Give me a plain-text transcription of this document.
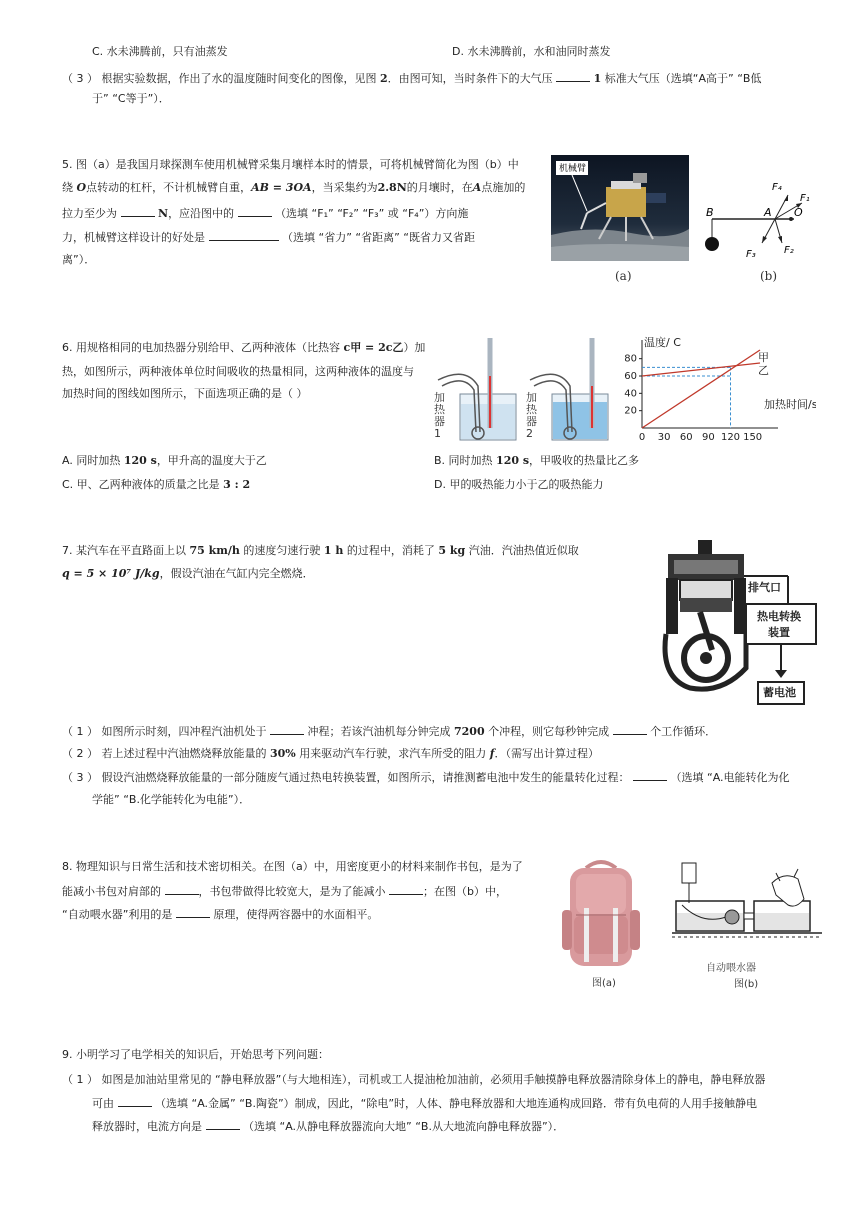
C. 水未沸腾前，只有油蒸发	D. 水未沸腾前，水和油同时蒸发
（ 3 ） 根据实验数据，作出了水的温度随时间变化的图像，见图 2．由图可知，当时条件下的大气压	1 标准大气压（选填“A高于” “B低
于” “C等于”）．
5. 图（a）是我国月球探测车使用机械臂采集月壤样本时的情景，可将机械臂简化为图（b）中
绕 O点转动的杠杆，不计机械臂自重，AB = 3OA，当采集约为2.8N的月壤时，在A点施加的
拉力至少为	N，应沿图中的	（选填 “F₁” “F₂” “F₃” 或 “F₄”）方向施
力，机械臂这样设计的好处是	（选填 “省力” “省距离” “既省力又省距
离”）．
机械臂
(a)
B	A O
F₁
F₂
F₃
F₄
(b)
6. 用规格相同的电加热器分别给甲、乙两种液体（比热容 c甲 = 2c乙）加
热，如图所示，两种液体单位时间吸收的热量相同，这两种液体的温度与
加热时间的图线如图所示，下面选项正确的是（ ）	加热器1
加热器2
20
40
60
80
0 30 60 90 120 150
甲
乙
温度/ C
加热时间/s
A. 同时加热 120 s，甲升高的温度大于乙	B. 同时加热 120 s，甲吸收的热量比乙多
C. 甲、乙两种液体的质量之比是 3 : 2	D. 甲的吸热能力小于乙的吸热能力
7. 某汽车在平直路面上以 75 km/h 的速度匀速行驶 1 h 的过程中，消耗了 5 kg 汽油．汽油热值近似取
q = 5 × 10⁷ J/kg，假设汽油在气缸内完全燃烧．
排气口
热电转换
装置
蓄电池
（ 1 ） 如图所示时刻，四冲程汽油机处于	冲程；若该汽油机每分钟完成 7200 个冲程，则它每秒钟完成	个工作循环．
（ 2 ） 若上述过程中汽油燃烧释放能量的 30% 用来驱动汽车行驶，求汽车所受的阻力 f．（需写出计算过程）
（ 3 ） 假设汽油燃烧释放能量的一部分随废气通过热电转换装置，如图所示，请推测蓄电池中发生的能量转化过程：	（选填 “A.电能转化为化
学能” “B.化学能转化为电能”）．
8. 物理知识与日常生活和技术密切相关。在图（a）中，用密度更小的材料来制作书包，是为了
能减小书包对肩部的	，书包带做得比较宽大，是为了能减小	；在图（b）中，
“自动喂水器”利用的是	原理，使得两容器中的水面相平。
图(a)
自动喂水器
图(b)
9. 小明学习了电学相关的知识后，开始思考下列问题：
（ 1 ） 如图是加油站里常见的 “静电释放器”（与大地相连），司机或工人提油枪加油前，必须用手触摸静电释放器清除身体上的静电，静电释放器
可由	（选填 “A.金属” “B.陶瓷”）制成，因此，“除电”时，人体、静电释放器和大地连通构成回路．带有负电荷的人用手接触静电
释放器时，电流方向是	（选填 “A.从静电释放器流向大地” “B.从大地流向静电释放器”）．
